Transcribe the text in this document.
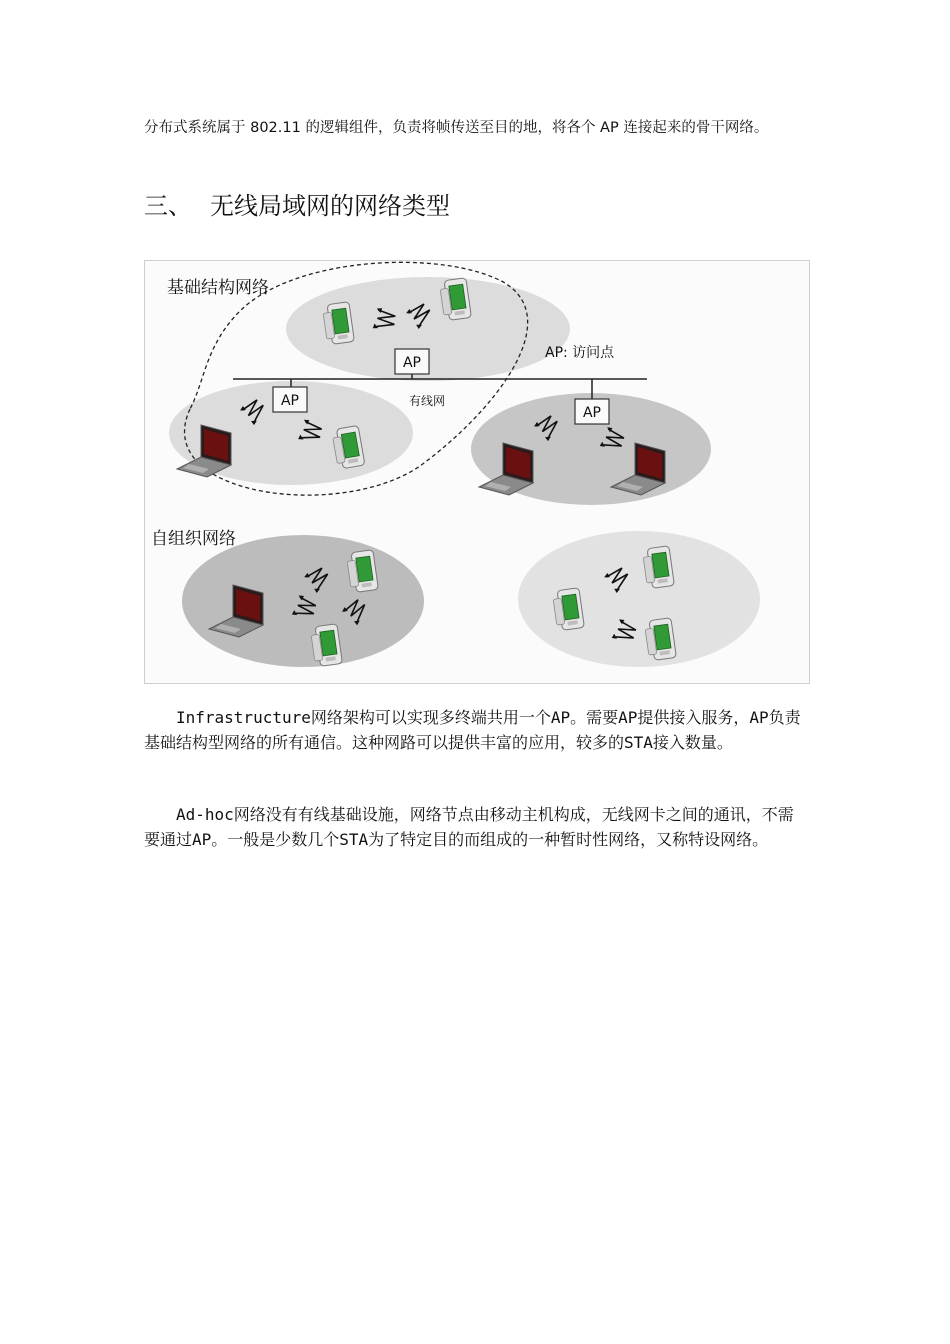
分布式系统属于 802.11 的逻辑组件，负责将帧传送至目的地，将各个 AP 连接起来的骨干网络。
三、 无线局域网的网络类型
AP
AP
AP
基础结构网络
自组织网络
AP: 访问点
有线网
Infrastructure网络架构可以实现多终端共用一个AP。需要AP提供接入服务，AP负责基础结构型网络的所有通信。这种网路可以提供丰富的应用，较多的STA接入数量。
Ad-hoc网络没有有线基础设施，网络节点由移动主机构成，无线网卡之间的通讯，不需要通过AP。一般是少数几个STA为了特定目的而组成的一种暂时性网络，又称特设网络。
